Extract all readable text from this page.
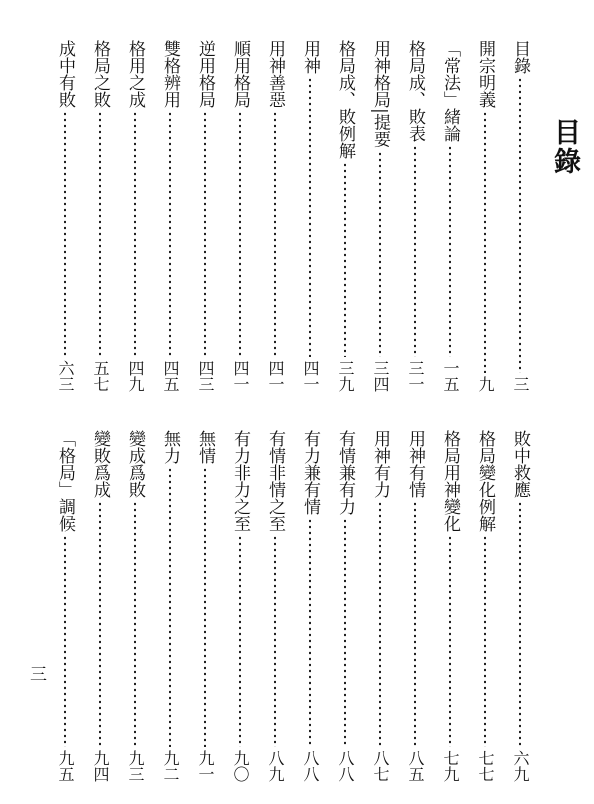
目錄
目錄
三
開宗明義
九
「常法」緒論
一五
格局成、敗表
三一
用神格局|提要
三四
格局成、敗例解
三九
用神
四一
用神善惡
四一
順用格局
四一
逆用格局
四三
雙格辨用
四五
格用之成
四九
格局之敗
五七
成中有敗
六三
敗中救應
六九
格局變化例解
七七
格局用神變化
七九
用神有情
八五
用神有力
八七
有情兼有力
八八
有力兼有情
八八
有情非情之至
八九
有力非力之至
九〇
無情
九一
無力
九二
變成爲敗
九三
變敗爲成
九四
「格局」調候
九五
三
